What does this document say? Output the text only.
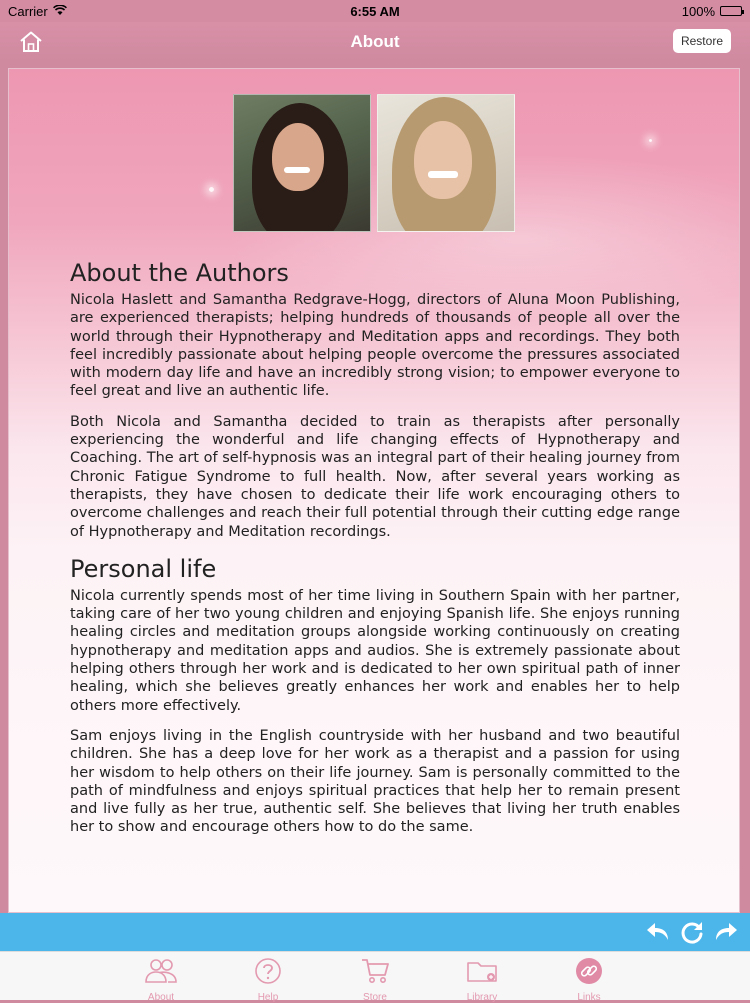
Carrier	6:55 AM	100%
About	Restore
About the Authors

Nicola Haslett and Samantha Redgrave-Hogg, directors of Aluna Moon Publishing, are experienced therapists; helping hundreds of thousands of people all over the world through their Hypnotherapy and Meditation apps and recordings. They both feel incredibly passionate about helping people overcome the pressures associated with modern day life and have an incredibly strong vision; to empower everyone to feel great and live an authentic life.

Both Nicola and Samantha decided to train as therapists after personally experiencing the wonderful and life changing effects of Hypnotherapy and Coaching. The art of self-hypnosis was an integral part of their healing journey from Chronic Fatigue Syndrome to full health. Now, after several years working as therapists, they have chosen to dedicate their life work encouraging others to overcome challenges and reach their full potential through their cutting edge range of Hypnotherapy and Meditation recordings.

Personal life

Nicola currently spends most of her time living in Southern Spain with her partner, taking care of her two young children and enjoying Spanish life. She enjoys running healing circles and meditation groups alongside working continuously on creating hypnotherapy and meditation apps and audios. She is extremely passionate about helping others through her work and is dedicated to her own spiritual path of inner healing, which she believes greatly enhances her work and enables her to help others more effectively.

Sam enjoys living in the English countryside with her husband and two beautiful children. She has a deep love for her work as a therapist and a passion for using her wisdom to help others on their life journey. Sam is personally committed to the path of mindfulness and enjoys spiritual practices that help her to remain present and live fully as her true, authentic self. She believes that living her truth enables her to show and encourage others how to do the same.

About	Help	Store	Library	Links
